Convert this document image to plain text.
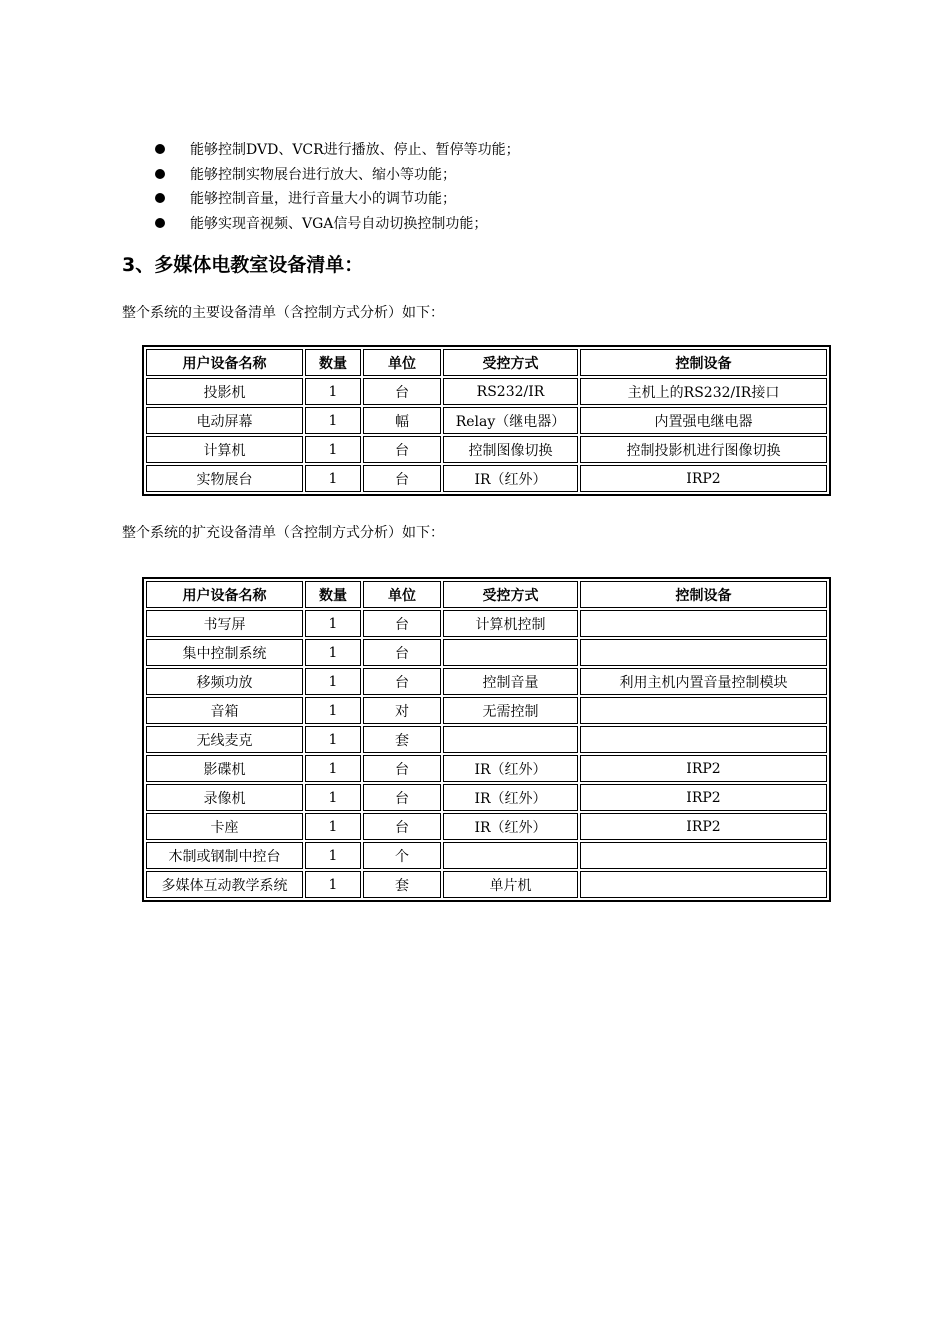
能够控制DVD、VCR进行播放、停止、暂停等功能；
能够控制实物展台进行放大、缩小等功能；
能够控制音量，进行音量大小的调节功能；
能够实现音视频、VGA信号自动切换控制功能；
3、多媒体电教室设备清单：
整个系统的主要设备清单（含控制方式分析）如下：
用户设备名称	数量	单位	受控方式	控制设备
投影机	1	台	RS232/IR	主机上的RS232/IR接口
电动屏幕	1	幅	Relay（继电器）	内置强电继电器
计算机	1	台	控制图像切换	控制投影机进行图像切换
实物展台	1	台	IR（红外）	IRP2
整个系统的扩充设备清单（含控制方式分析）如下：
用户设备名称	数量	单位	受控方式	控制设备
书写屏	1	台	计算机控制	
集中控制系统	1	台		
移频功放	1	台	控制音量	利用主机内置音量控制模块
音箱	1	对	无需控制	
无线麦克	1	套		
影碟机	1	台	IR（红外）	IRP2
录像机	1	台	IR（红外）	IRP2
卡座	1	台	IR（红外）	IRP2
木制或钢制中控台	1	个		
多媒体互动教学系统	1	套	单片机	
